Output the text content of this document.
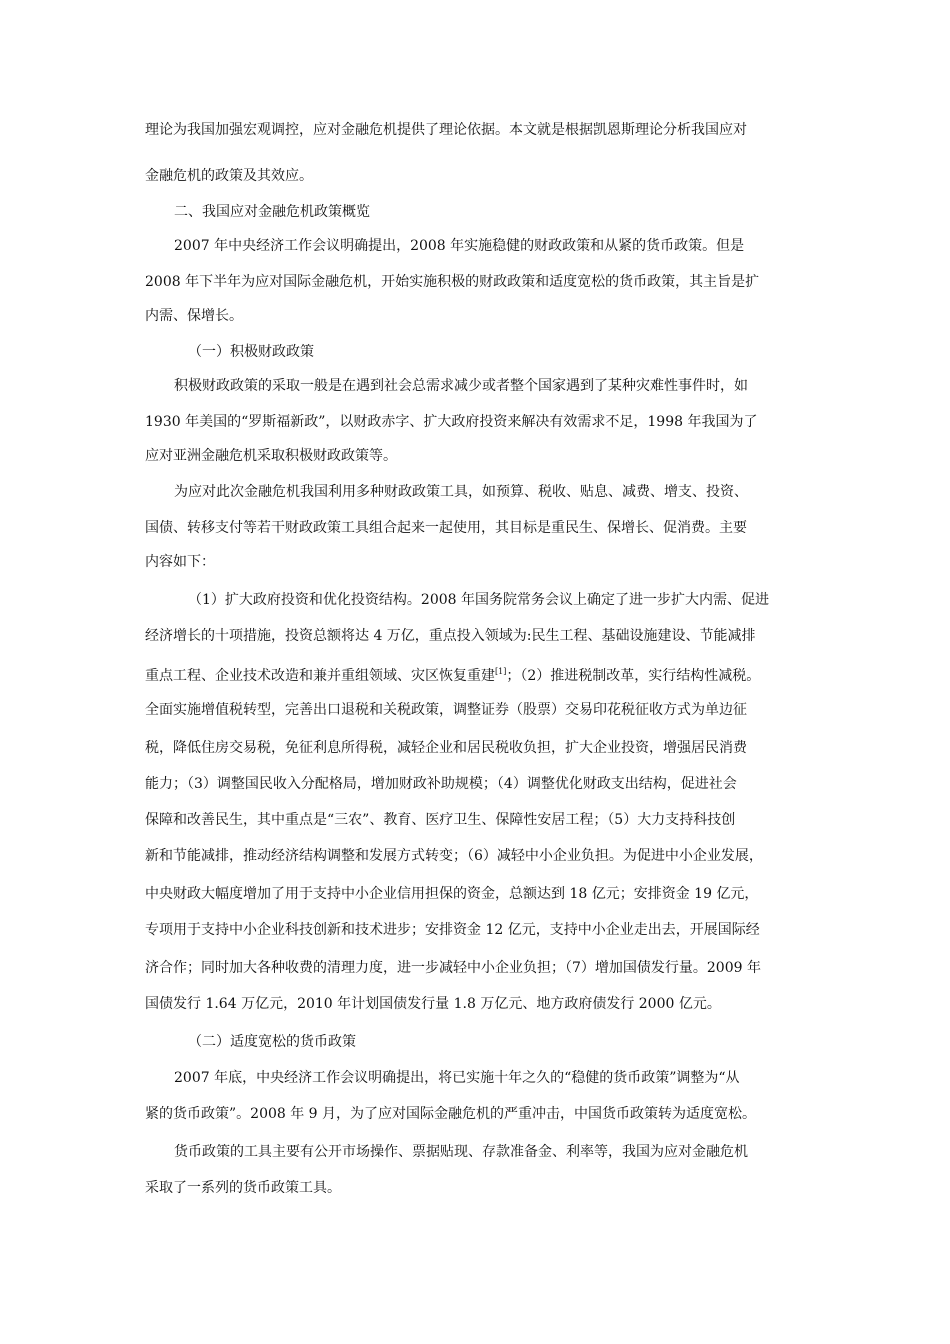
理论为我国加强宏观调控，应对金融危机提供了理论依据。本文就是根据凯恩斯理论分析我国应对
金融危机的政策及其效应。
二、我国应对金融危机政策概览
2007 年中央经济工作会议明确提出，2008 年实施稳健的财政政策和从紧的货币政策。但是
2008 年下半年为应对国际金融危机，开始实施积极的财政政策和适度宽松的货币政策，其主旨是扩
内需、保增长。
（一）积极财政政策
积极财政政策的采取一般是在遇到社会总需求减少或者整个国家遇到了某种灾难性事件时，如
1930 年美国的“罗斯福新政”，以财政赤字、扩大政府投资来解决有效需求不足，1998 年我国为了
应对亚洲金融危机采取积极财政政策等。
为应对此次金融危机我国利用多种财政政策工具，如预算、税收、贴息、减费、增支、投资、
国债、转移支付等若干财政政策工具组合起来一起使用，其目标是重民生、保增长、促消费。主要
内容如下：
（1）扩大政府投资和优化投资结构。2008 年国务院常务会议上确定了进一步扩大内需、促进
经济增长的十项措施，投资总额将达 4 万亿，重点投入领域为:民生工程、基础设施建设、节能减排
重点工程、企业技术改造和兼并重组领域、灾区恢复重建[1]；（2）推进税制改革，实行结构性减税。
全面实施增值税转型，完善出口退税和关税政策，调整证券（股票）交易印花税征收方式为单边征
税，降低住房交易税，免征利息所得税，减轻企业和居民税收负担，扩大企业投资，增强居民消费
能力；（3）调整国民收入分配格局，增加财政补助规模；（4）调整优化财政支出结构，促进社会
保障和改善民生，其中重点是“三农”、教育、医疗卫生、保障性安居工程；（5）大力支持科技创
新和节能减排，推动经济结构调整和发展方式转变；（6）减轻中小企业负担。为促进中小企业发展，
中央财政大幅度增加了用于支持中小企业信用担保的资金，总额达到 18 亿元；安排资金 19 亿元，
专项用于支持中小企业科技创新和技术进步；安排资金 12 亿元，支持中小企业走出去，开展国际经
济合作；同时加大各种收费的清理力度，进一步减轻中小企业负担；（7）增加国债发行量。2009 年
国债发行 1.64 万亿元，2010 年计划国债发行量 1.8 万亿元、地方政府债发行 2000 亿元。
（二）适度宽松的货币政策
2007 年底，中央经济工作会议明确提出，将已实施十年之久的“稳健的货币政策”调整为“从
紧的货币政策”。2008 年 9 月，为了应对国际金融危机的严重冲击，中国货币政策转为适度宽松。
货币政策的工具主要有公开市场操作、票据贴现、存款准备金、利率等，我国为应对金融危机
采取了一系列的货币政策工具。
